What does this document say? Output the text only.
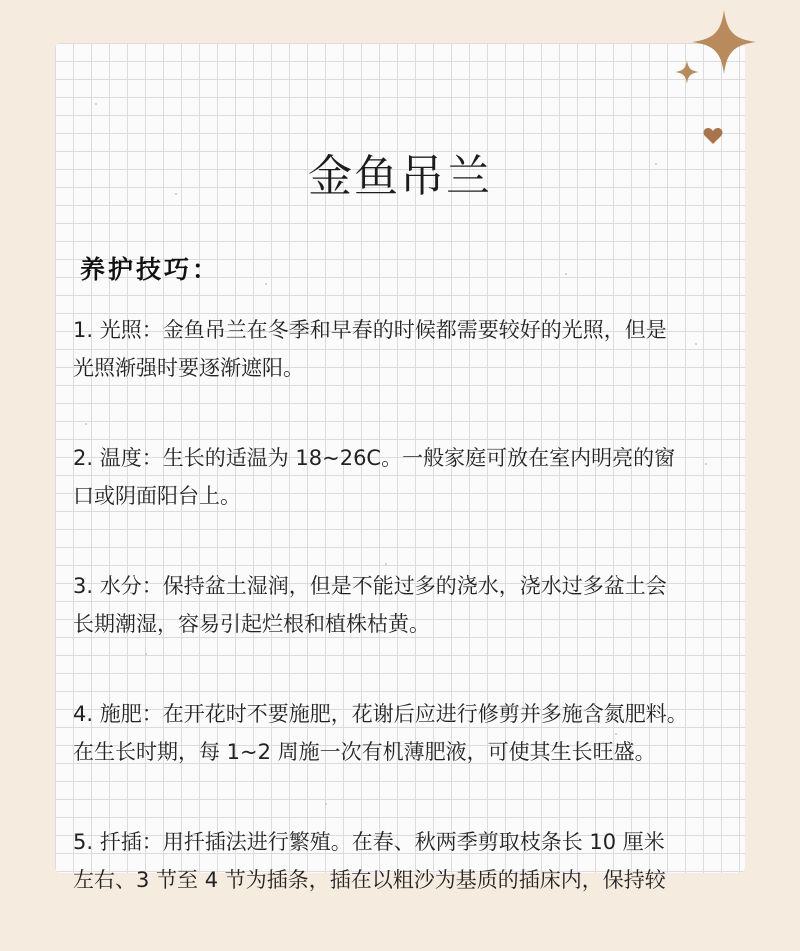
金鱼吊兰
养护技巧：
1. 光照：金鱼吊兰在冬季和早春的时候都需要较好的光照，但是
光照渐强时要逐渐遮阳。
2. 温度：生长的适温为 18~26C。一般家庭可放在室内明亮的窗
口或阴面阳台上。
3. 水分：保持盆土湿润，但是不能过多的浇水，浇水过多盆土会
长期潮湿，容易引起烂根和植株枯黄。
4. 施肥：在开花时不要施肥，花谢后应进行修剪并多施含氮肥料。
在生长时期，每 1~2 周施一次有机薄肥液，可使其生长旺盛。
5. 扦插：用扦插法进行繁殖。在春、秋两季剪取枝条长 10 厘米
左右、3 节至 4 节为插条，插在以粗沙为基质的插床内，保持较
